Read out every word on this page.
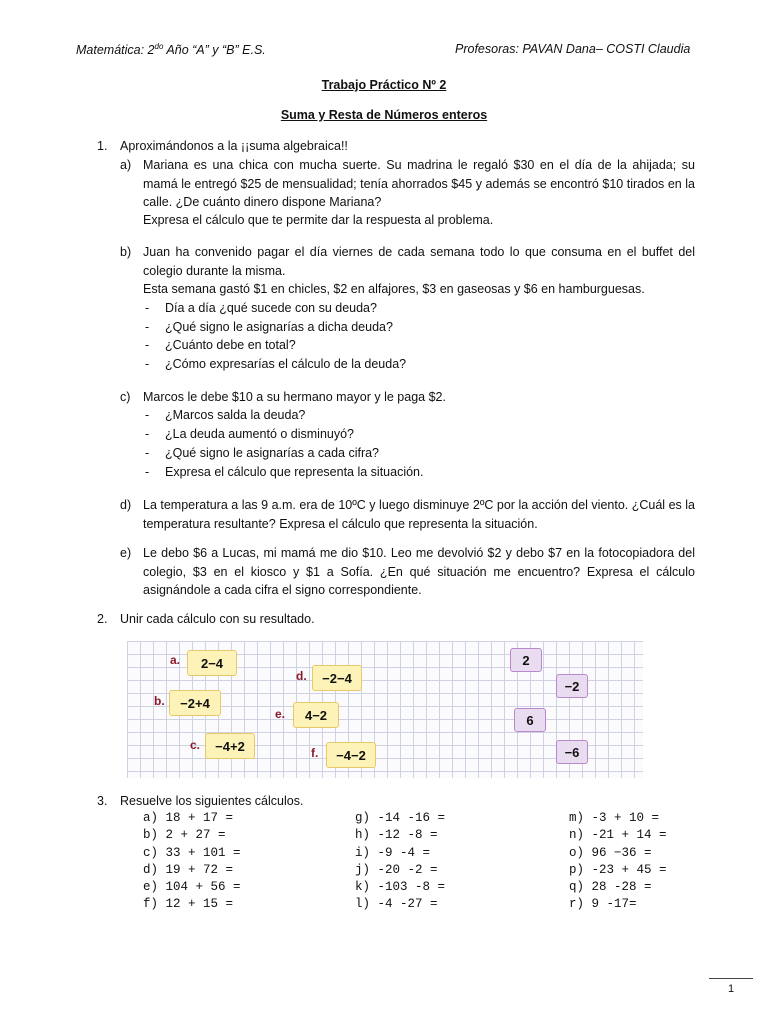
Matemática: $2^{do}$ Año “A” y “B” E.S.	Profesoras: PAVAN Dana– COSTI Claudia
Trabajo Práctico Nº 2
Suma y Resta de Números enteros
1. Aproximándonos a la ¡¡suma algebraica!!
a) Mariana es una chica con mucha suerte. Su madrina le regaló $30 en el día de la ahijada; su mamá le entregó $25 de mensualidad; tenía ahorrados $45 y además se encontró $10 tirados en la calle. ¿De cuánto dinero dispone Mariana?
Expresa el cálculo que te permite dar la respuesta al problema.
b) Juan ha convenido pagar el día viernes de cada semana todo lo que consuma en el buffet del colegio durante la misma.
Esta semana gastó $1 en chicles, $2 en alfajores, $3 en gaseosas y $6 en hamburguesas.
- Día a día ¿qué sucede con su deuda?
- ¿Qué signo le asignarías a dicha deuda?
- ¿Cuánto debe en total?
- ¿Cómo expresarías el cálculo de la deuda?
c) Marcos le debe $10 a su hermano mayor y le paga $2.
- ¿Marcos salda la deuda?
- ¿La deuda aumentó o disminuyó?
- ¿Qué signo le asignarías a cada cifra?
- Expresa el cálculo que representa la situación.
d) La temperatura a las 9 a.m. era de 10ºC y luego disminuye 2ºC por la acción del viento. ¿Cuál es la temperatura resultante? Expresa el cálculo que representa la situación.
e) Le debo $6 a Lucas, mi mamá me dio $10. Leo me devolvió $2 y debo $7 en la fotocopiadora del colegio, $3 en el kiosco y $1 a Sofía. ¿En qué situación me encuentro? Expresa el cálculo asignándole a cada cifra el signo correspondiente.
2. Unir cada cálculo con su resultado.
a.	2−4
b.	−2+4
c.	−4+2
d.	−2−4
e.	4−2
f.	−4−2
2
−2
6
−6
3. Resuelve los siguientes cálculos.
a) 18 + 17 =
b) 2 + 27 =
c) 33 + 101 =
d) 19 + 72 =
e) 104 + 56 =
f) 12 + 15 =
g) -14 -16 =
h) -12 -8 =
i) -9 -4 =
j) -20 -2 =
k) -103 -8 =
l) -4 -27 =
m) -3 + 10 =
n) -21 + 14 =
o) 96 −36 =
p) -23 + 45 =
q) 28 -28 =
r) 9 -17=
1
